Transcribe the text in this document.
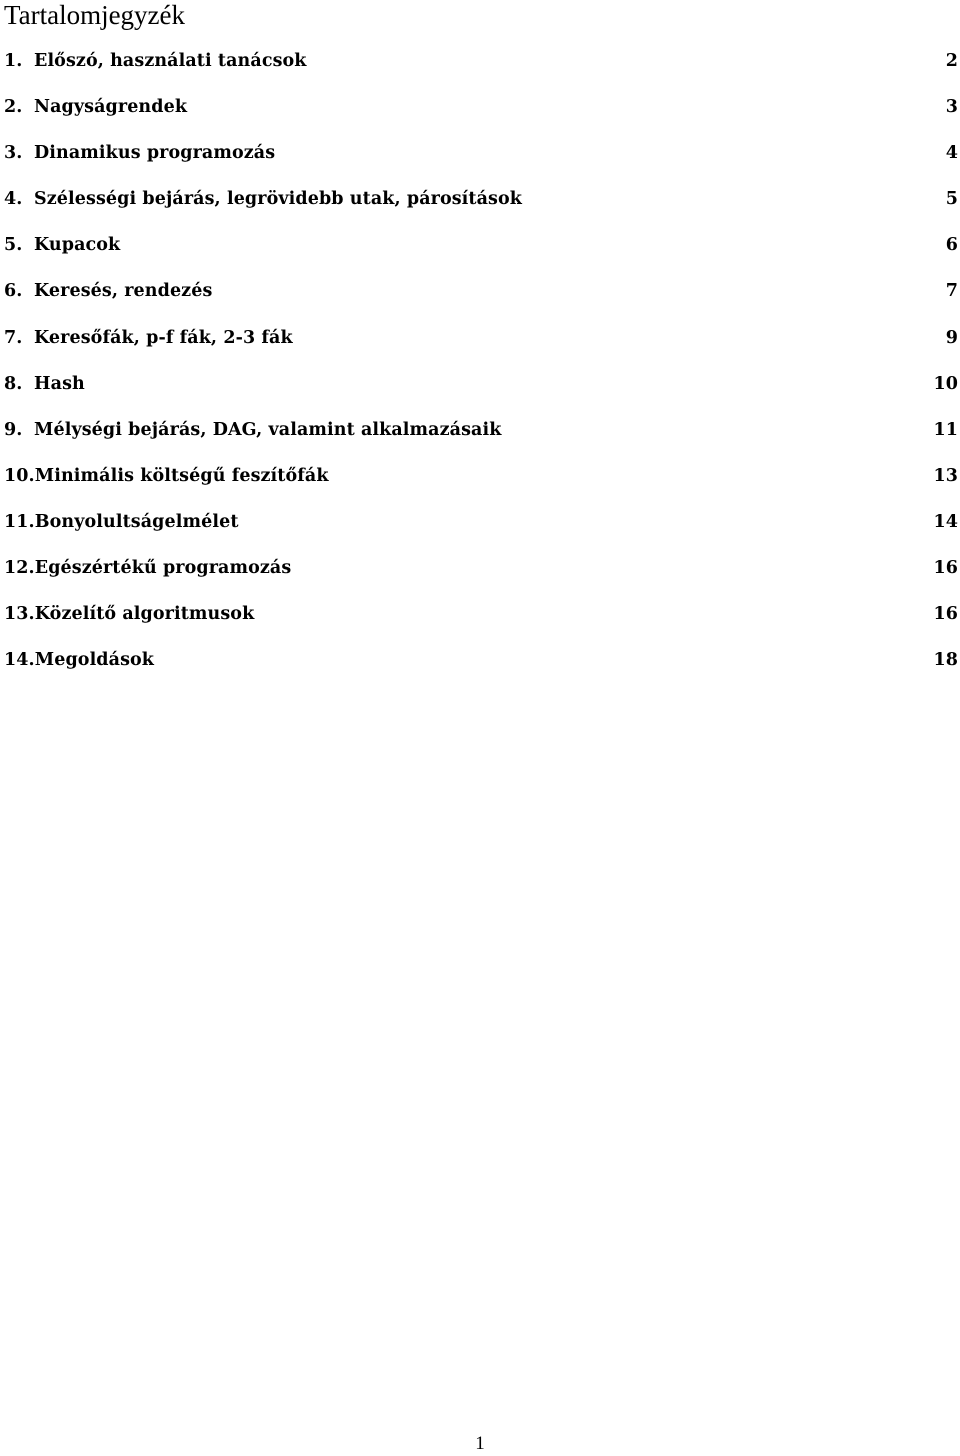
Tartalomjegyzék
1. Előszó, használati tanácsok	2
2. Nagyságrendek	3
3. Dinamikus programozás	4
4. Szélességi bejárás, legrövidebb utak, párosítások	5
5. Kupacok	6
6. Keresés, rendezés	7
7. Keresőfák, p-f fák, 2-3 fák	9
8. Hash	10
9. Mélységi bejárás, DAG, valamint alkalmazásaik	11
10.Minimális költségű feszítőfák	13
11.Bonyolultságelmélet	14
12.Egészértékű programozás	16
13.Közelítő algoritmusok	16
14.Megoldások	18
1
